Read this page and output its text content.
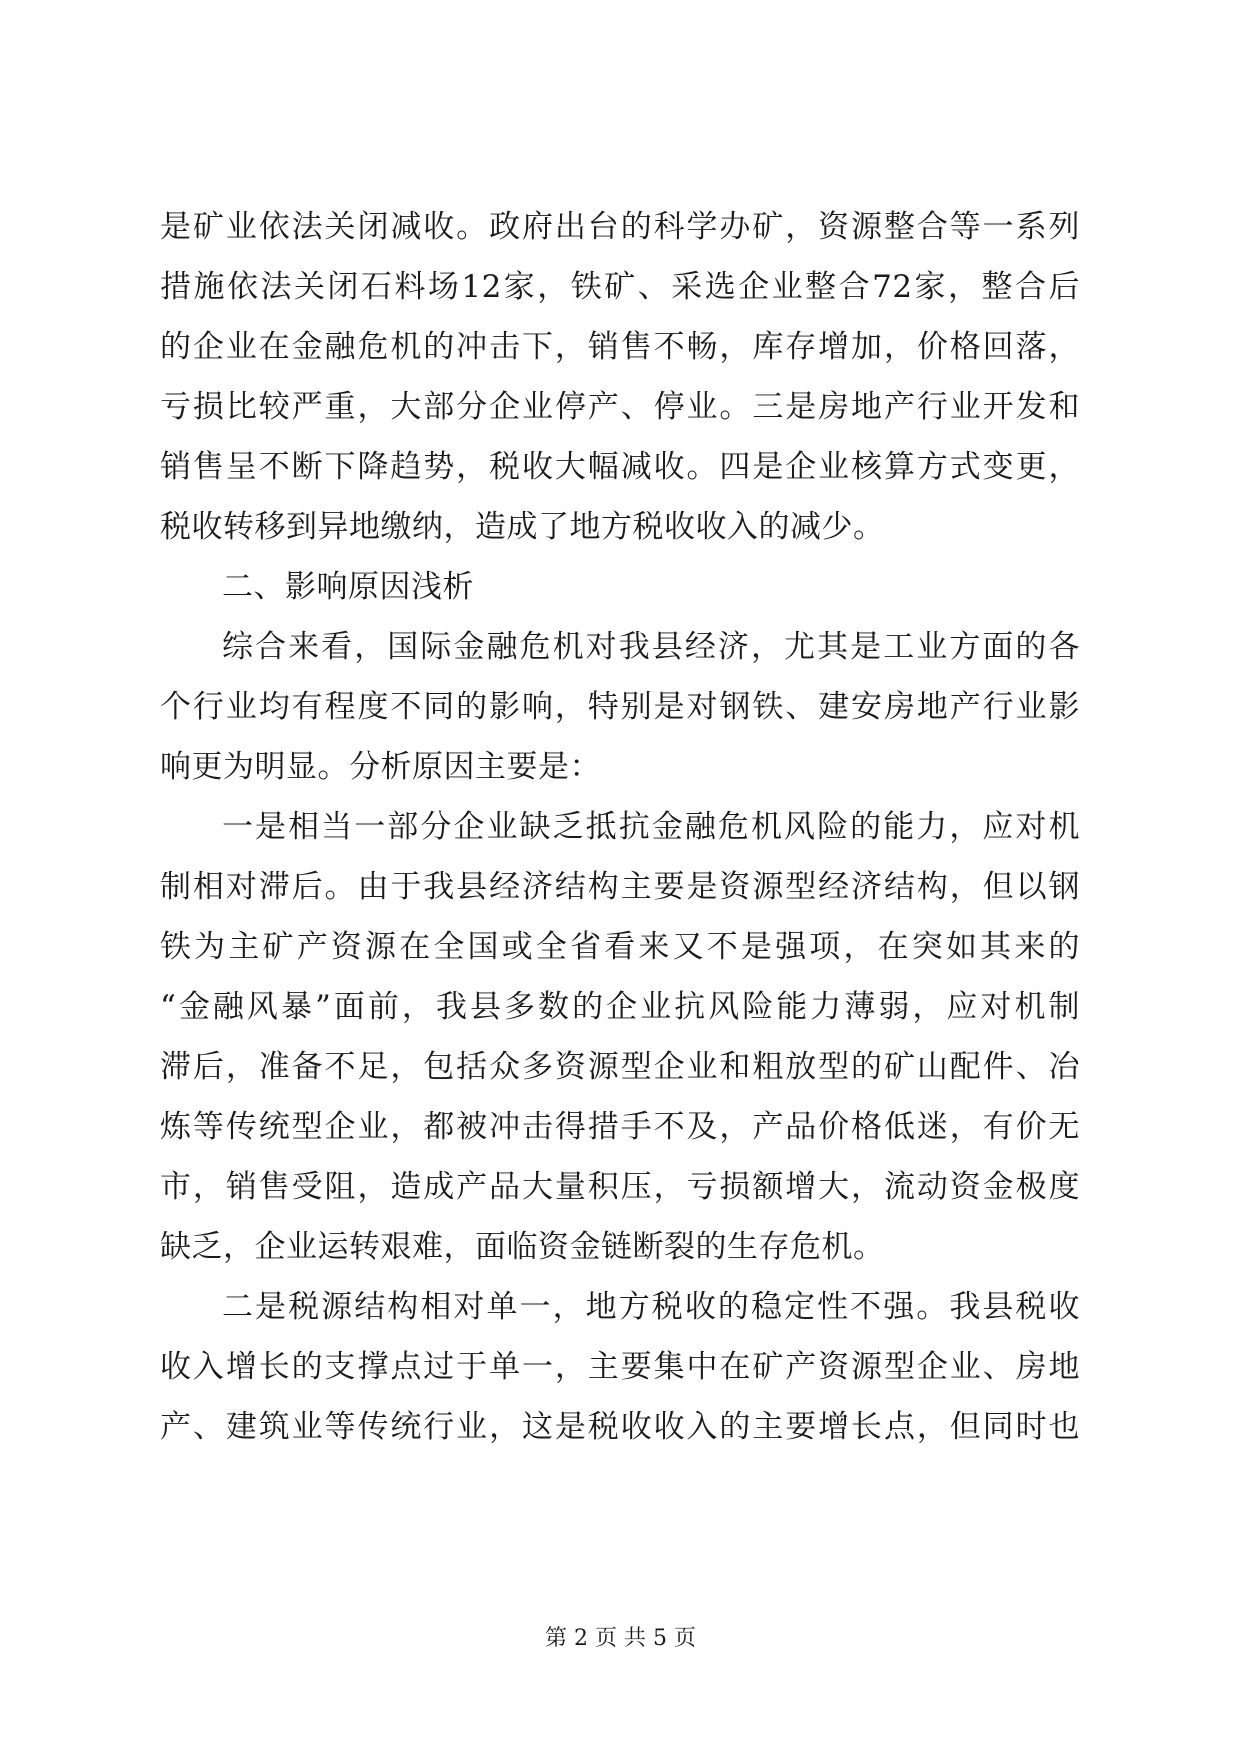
是矿业依法关闭减收。政府出台的科学办矿，资源整合等一系列
措施依法关闭石料场12家，铁矿、采选企业整合72家，整合后
的企业在金融危机的冲击下，销售不畅，库存增加，价格回落，
亏损比较严重，大部分企业停产、停业。三是房地产行业开发和
销售呈不断下降趋势，税收大幅减收。四是企业核算方式变更，
税收转移到异地缴纳，造成了地方税收收入的减少。
二、影响原因浅析
综合来看，国际金融危机对我县经济，尤其是工业方面的各
个行业均有程度不同的影响，特别是对钢铁、建安房地产行业影
响更为明显。分析原因主要是：
一是相当一部分企业缺乏抵抗金融危机风险的能力，应对机
制相对滞后。由于我县经济结构主要是资源型经济结构，但以钢
铁为主矿产资源在全国或全省看来又不是强项，在突如其来的
“金融风暴”面前，我县多数的企业抗风险能力薄弱，应对机制
滞后，准备不足，包括众多资源型企业和粗放型的矿山配件、冶
炼等传统型企业，都被冲击得措手不及，产品价格低迷，有价无
市，销售受阻，造成产品大量积压，亏损额增大，流动资金极度
缺乏，企业运转艰难，面临资金链断裂的生存危机。
二是税源结构相对单一，地方税收的稳定性不强。我县税收
收入增长的支撑点过于单一，主要集中在矿产资源型企业、房地
产、建筑业等传统行业，这是税收收入的主要增长点，但同时也
第 2 页 共 5 页
